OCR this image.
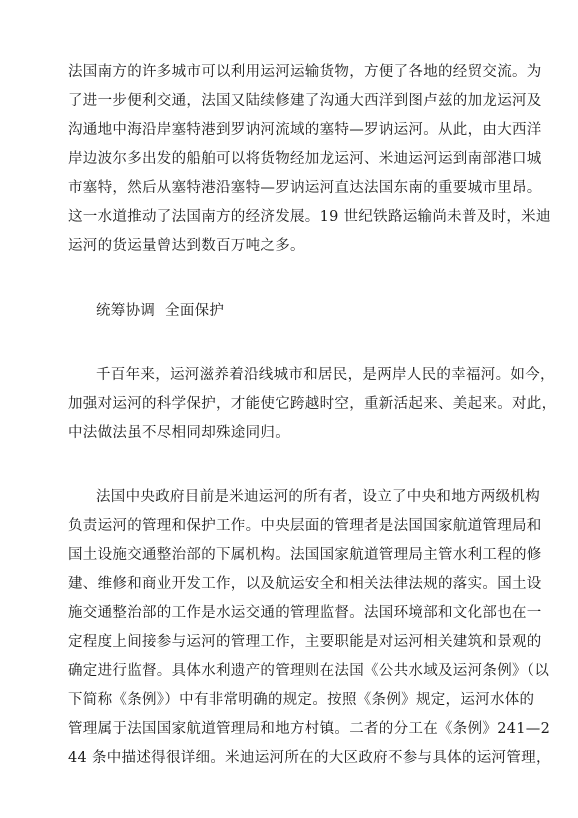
法国南方的许多城市可以利用运河运输货物，方便了各地的经贸交流。为
了进一步便利交通，法国又陆续修建了沟通大西洋到图卢兹的加龙运河及
沟通地中海沿岸塞特港到罗讷河流域的塞特—罗讷运河。从此，由大西洋
岸边波尔多出发的船舶可以将货物经加龙运河、米迪运河运到南部港口城
市塞特，然后从塞特港沿塞特—罗讷运河直达法国东南的重要城市里昂。
这一水道推动了法国南方的经济发展。19 世纪铁路运输尚未普及时，米迪
运河的货运量曾达到数百万吨之多。
统筹协调  全面保护
千百年来，运河滋养着沿线城市和居民，是两岸人民的幸福河。如今，
加强对运河的科学保护，才能使它跨越时空，重新活起来、美起来。对此，
中法做法虽不尽相同却殊途同归。
法国中央政府目前是米迪运河的所有者，设立了中央和地方两级机构
负责运河的管理和保护工作。中央层面的管理者是法国国家航道管理局和
国土设施交通整治部的下属机构。法国国家航道管理局主管水利工程的修
建、维修和商业开发工作，以及航运安全和相关法律法规的落实。国土设
施交通整治部的工作是水运交通的管理监督。法国环境部和文化部也在一
定程度上间接参与运河的管理工作，主要职能是对运河相关建筑和景观的
确定进行监督。具体水利遗产的管理则在法国《公共水域及运河条例》（以
下简称《条例》）中有非常明确的规定。按照《条例》规定，运河水体的
管理属于法国国家航道管理局和地方村镇。二者的分工在《条例》241—2
44 条中描述得很详细。米迪运河所在的大区政府不参与具体的运河管理，
